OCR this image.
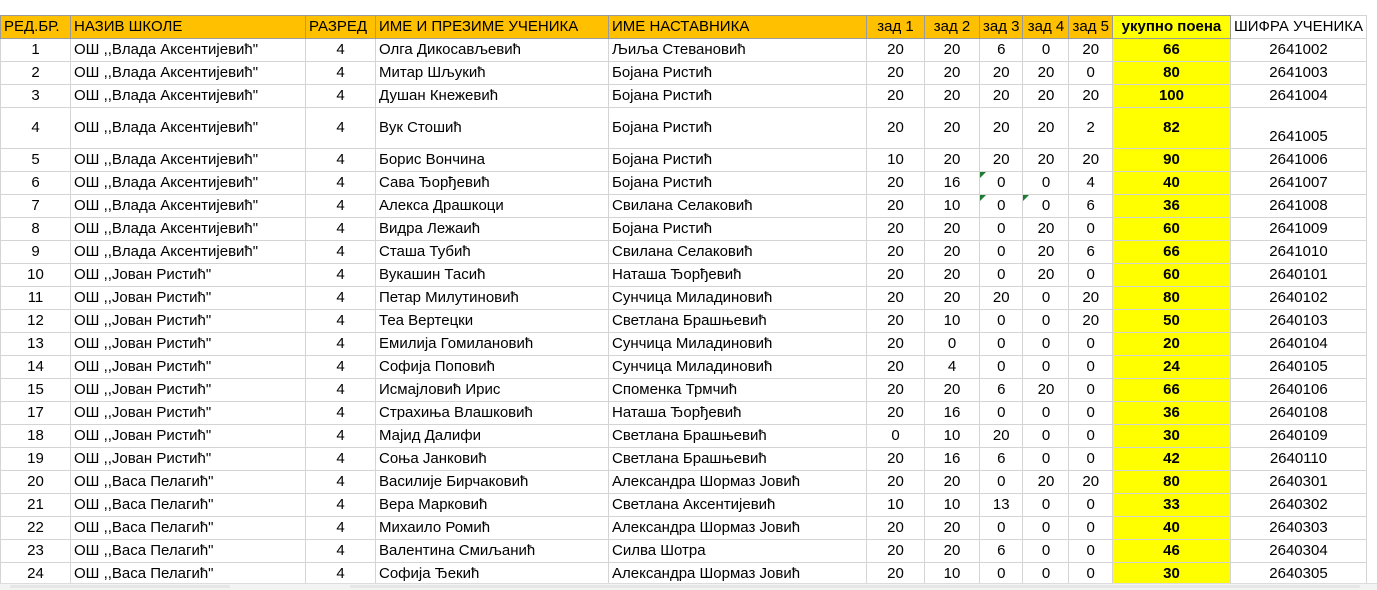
РЕД.БР.	НАЗИВ ШКОЛЕ	РАЗРЕД	ИМЕ И ПРЕЗИМЕ УЧЕНИКА	ИМЕ НАСТАВНИКА	зад 1	зад 2	зад 3	зад 4	зад 5	укупно поена	ШИФРА УЧЕНИКА
1	ОШ ,,Влада Аксентијевић"	4	Олга Дикосављевић	Љиља Стевановић	20	20	6	0	20	66	2641002
2	ОШ ,,Влада Аксентијевић"	4	Митар Шљукић	Бојана Ристић	20	20	20	20	0	80	2641003
3	ОШ ,,Влада Аксентијевић"	4	Душан Кнежевић	Бојана Ристић	20	20	20	20	20	100	2641004
4	ОШ ,,Влада Аксентијевић"	4	Вук Стошић	Бојана Ристић	20	20	20	20	2	82	2641005
5	ОШ ,,Влада Аксентијевић"	4	Борис Вончина	Бојана Ристић	10	20	20	20	20	90	2641006
6	ОШ ,,Влада Аксентијевић"	4	Сава Ђорђевић	Бојана Ристић	20	16	0	0	4	40	2641007
7	ОШ ,,Влада Аксентијевић"	4	Алекса Драшкоци	Свилана Селаковић	20	10	0	0	6	36	2641008
8	ОШ ,,Влада Аксентијевић"	4	Видра Лежаић	Бојана Ристић	20	20	0	20	0	60	2641009
9	ОШ ,,Влада Аксентијевић"	4	Сташа Тубић	Свилана Селаковић	20	20	0	20	6	66	2641010
10	ОШ ,,Јован Ристић"	4	Вукашин Тасић	Наташа Ђорђевић	20	20	0	20	0	60	2640101
11	ОШ ,,Јован Ристић"	4	Петар Милутиновић	Сунчица Миладиновић	20	20	20	0	20	80	2640102
12	ОШ ,,Јован Ристић"	4	Теа Вертецки	Светлана Брашњевић	20	10	0	0	20	50	2640103
13	ОШ ,,Јован Ристић"	4	Емилија Гомилановић	Сунчица Миладиновић	20	0	0	0	0	20	2640104
14	ОШ ,,Јован Ристић"	4	Софија Поповић	Сунчица Миладиновић	20	4	0	0	0	24	2640105
15	ОШ ,,Јован Ристић"	4	Исмајловић Ирис	Споменка Трмчић	20	20	6	20	0	66	2640106
17	ОШ ,,Јован Ристић"	4	Страхиња Влашковић	Наташа Ђорђевић	20	16	0	0	0	36	2640108
18	ОШ ,,Јован Ристић"	4	Мајид Далифи	Светлана Брашњевић	0	10	20	0	0	30	2640109
19	ОШ ,,Јован Ристић"	4	Соња Јанковић	Светлана Брашњевић	20	16	6	0	0	42	2640110
20	ОШ ,,Васа Пелагић"	4	Василије Бирчаковић	Александра Шормаз Јовић	20	20	0	20	20	80	2640301
21	ОШ ,,Васа Пелагић"	4	Вера Марковић	Светлана Аксентијевић	10	10	13	0	0	33	2640302
22	ОШ ,,Васа Пелагић"	4	Михаило Ромић	Александра Шормаз Јовић	20	20	0	0	0	40	2640303
23	ОШ ,,Васа Пелагић"	4	Валентина Смиљанић	Силва Шотра	20	20	6	0	0	46	2640304
24	ОШ ,,Васа Пелагић"	4	Софија Ђекић	Александра Шормаз Јовић	20	10	0	0	0	30	2640305
